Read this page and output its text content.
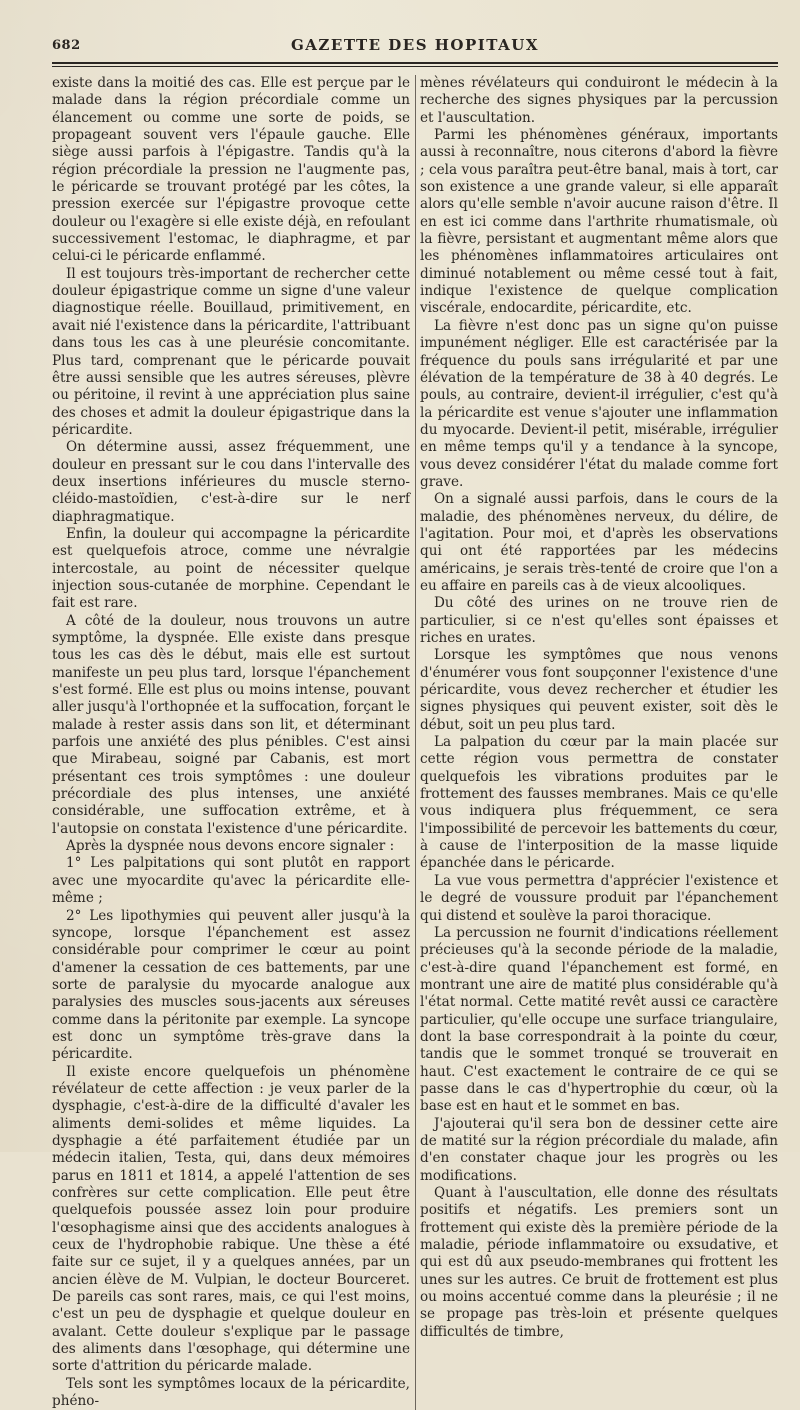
682	GAZETTE DES HOPITAUX

existe dans la moitié des cas. Elle est perçue par le malade dans la région précordiale comme un élancement ou comme une sorte de poids, se propageant souvent vers l'épaule gauche. Elle siège aussi parfois à l'épigastre. Tandis qu'à la région précordiale la pression ne l'augmente pas, le péricarde se trouvant protégé par les côtes, la pression exercée sur l'épigastre provoque cette douleur ou l'exagère si elle existe déjà, en refoulant successivement l'estomac, le diaphragme, et par celui-ci le péricarde enflammé.

Il est toujours très-important de rechercher cette douleur épigastrique comme un signe d'une valeur diagnostique réelle. Bouillaud, primitivement, en avait nié l'existence dans la péricardite, l'attribuant dans tous les cas à une pleurésie concomitante. Plus tard, comprenant que le péricarde pouvait être aussi sensible que les autres séreuses, plèvre ou péritoine, il revint à une appréciation plus saine des choses et admit la douleur épigastrique dans la péricardite.

On détermine aussi, assez fréquemment, une douleur en pressant sur le cou dans l'intervalle des deux insertions inférieures du muscle sterno-cléido-mastoïdien, c'est-à-dire sur le nerf diaphragmatique.

Enfin, la douleur qui accompagne la péricardite est quelquefois atroce, comme une névralgie intercostale, au point de nécessiter quelque injection sous-cutanée de morphine. Cependant le fait est rare.

A côté de la douleur, nous trouvons un autre symptôme, la dyspnée. Elle existe dans presque tous les cas dès le début, mais elle est surtout manifeste un peu plus tard, lorsque l'épanchement s'est formé. Elle est plus ou moins intense, pouvant aller jusqu'à l'orthopnée et la suffocation, forçant le malade à rester assis dans son lit, et déterminant parfois une anxiété des plus pénibles. C'est ainsi que Mirabeau, soigné par Cabanis, est mort présentant ces trois symptômes : une douleur précordiale des plus intenses, une anxiété considérable, une suffocation extrême, et à l'autopsie on constata l'existence d'une péricardite.

Après la dyspnée nous devons encore signaler :

1° Les palpitations qui sont plutôt en rapport avec une myocardite qu'avec la péricardite elle-même ;

2° Les lipothymies qui peuvent aller jusqu'à la syncope, lorsque l'épanchement est assez considérable pour comprimer le cœur au point d'amener la cessation de ces battements, par une sorte de paralysie du myocarde analogue aux paralysies des muscles sous-jacents aux séreuses comme dans la péritonite par exemple. La syncope est donc un symptôme très-grave dans la péricardite.

Il existe encore quelquefois un phénomène révélateur de cette affection : je veux parler de la dysphagie, c'est-à-dire de la difficulté d'avaler les aliments demi-solides et même liquides. La dysphagie a été parfaitement étudiée par un médecin italien, Testa, qui, dans deux mémoires parus en 1811 et 1814, a appelé l'attention de ses confrères sur cette complication. Elle peut être quelquefois poussée assez loin pour produire l'œsophagisme ainsi que des accidents analogues à ceux de l'hydrophobie rabique. Une thèse a été faite sur ce sujet, il y a quelques années, par un ancien élève de M. Vulpian, le docteur Bourceret. De pareils cas sont rares, mais, ce qui l'est moins, c'est un peu de dysphagie et quelque douleur en avalant. Cette douleur s'explique par le passage des aliments dans l'œsophage, qui détermine une sorte d'attrition du péricarde malade.

Tels sont les symptômes locaux de la péricardite, phéno-

mènes révélateurs qui conduiront le médecin à la recherche des signes physiques par la percussion et l'auscultation.

Parmi les phénomènes généraux, importants aussi à reconnaître, nous citerons d'abord la fièvre ; cela vous paraîtra peut-être banal, mais à tort, car son existence a une grande valeur, si elle apparaît alors qu'elle semble n'avoir aucune raison d'être. Il en est ici comme dans l'arthrite rhumatismale, où la fièvre, persistant et augmentant même alors que les phénomènes inflammatoires articulaires ont diminué notablement ou même cessé tout à fait, indique l'existence de quelque complication viscérale, endocardite, péricardite, etc.

La fièvre n'est donc pas un signe qu'on puisse impunément négliger. Elle est caractérisée par la fréquence du pouls sans irrégularité et par une élévation de la température de 38 à 40 degrés. Le pouls, au contraire, devient-il irrégulier, c'est qu'à la péricardite est venue s'ajouter une inflammation du myocarde. Devient-il petit, misérable, irrégulier en même temps qu'il y a tendance à la syncope, vous devez considérer l'état du malade comme fort grave.

On a signalé aussi parfois, dans le cours de la maladie, des phénomènes nerveux, du délire, de l'agitation. Pour moi, et d'après les observations qui ont été rapportées par les médecins américains, je serais très-tenté de croire que l'on a eu affaire en pareils cas à de vieux alcooliques.

Du côté des urines on ne trouve rien de particulier, si ce n'est qu'elles sont épaisses et riches en urates.

Lorsque les symptômes que nous venons d'énumérer vous font soupçonner l'existence d'une péricardite, vous devez rechercher et étudier les signes physiques qui peuvent exister, soit dès le début, soit un peu plus tard.

La palpation du cœur par la main placée sur cette région vous permettra de constater quelquefois les vibrations produites par le frottement des fausses membranes. Mais ce qu'elle vous indiquera plus fréquemment, ce sera l'impossibilité de percevoir les battements du cœur, à cause de l'interposition de la masse liquide épanchée dans le péricarde.

La vue vous permettra d'apprécier l'existence et le degré de voussure produit par l'épanchement qui distend et soulève la paroi thoracique.

La percussion ne fournit d'indications réellement précieuses qu'à la seconde période de la maladie, c'est-à-dire quand l'épanchement est formé, en montrant une aire de matité plus considérable qu'à l'état normal. Cette matité revêt aussi ce caractère particulier, qu'elle occupe une surface triangulaire, dont la base correspondrait à la pointe du cœur, tandis que le sommet tronqué se trouverait en haut. C'est exactement le contraire de ce qui se passe dans le cas d'hypertrophie du cœur, où la base est en haut et le sommet en bas.

J'ajouterai qu'il sera bon de dessiner cette aire de matité sur la région précordiale du malade, afin d'en constater chaque jour les progrès ou les modifications.

Quant à l'auscultation, elle donne des résultats positifs et négatifs. Les premiers sont un frottement qui existe dès la première période de la maladie, période inflammatoire ou exsudative, et qui est dû aux pseudo-membranes qui frottent les unes sur les autres. Ce bruit de frottement est plus ou moins accentué comme dans la pleurésie ; il ne se propage pas très-loin et présente quelques difficultés de timbre,
